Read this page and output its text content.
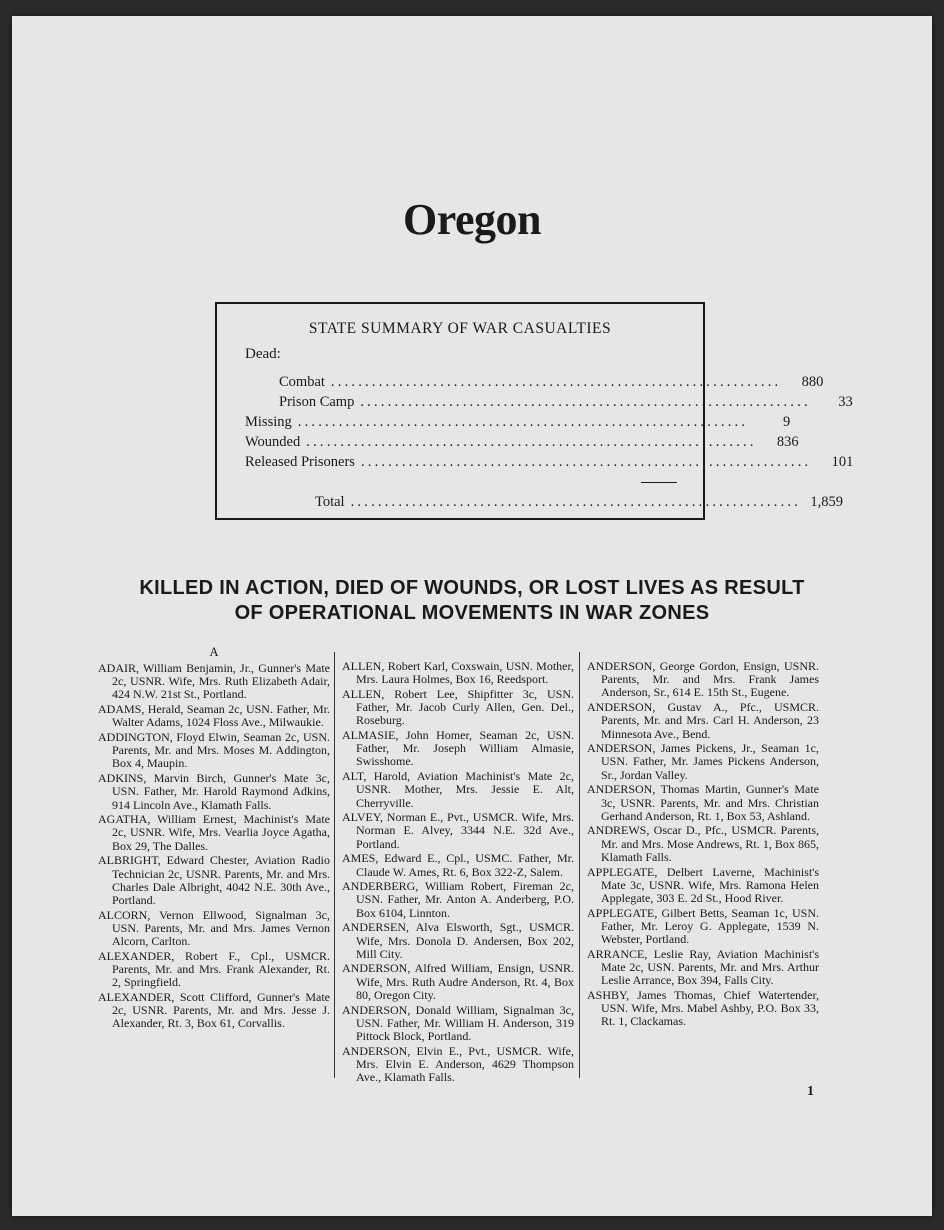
Oregon
STATE SUMMARY OF WAR CASUALTIES
Dead:
Combat ..................................................................	880
Prison Camp ..................................................................	33
Missing ..................................................................	9
Wounded ..................................................................	836
Released Prisoners ..................................................................	101
Total .................................................................. 1,859
KILLED IN ACTION, DIED OF WOUNDS, OR LOST LIVES AS RESULT
OF OPERATIONAL MOVEMENTS IN WAR ZONES
A

ADAIR, William Benjamin, Jr., Gunner's Mate 2c, USNR. Wife, Mrs. Ruth Elizabeth Adair, 424 N.W. 21st St., Portland.

ADAMS, Herald, Seaman 2c, USN. Father, Mr. Walter Adams, 1024 Floss Ave., Milwaukie.

ADDINGTON, Floyd Elwin, Seaman 2c, USN. Parents, Mr. and Mrs. Moses M. Addington, Box 4, Maupin.

ADKINS, Marvin Birch, Gunner's Mate 3c, USN. Father, Mr. Harold Raymond Adkins, 914 Lincoln Ave., Klamath Falls.

AGATHA, William Ernest, Machinist's Mate 2c, USNR. Wife, Mrs. Vearlia Joyce Agatha, Box 29, The Dalles.

ALBRIGHT, Edward Chester, Aviation Radio Technician 2c, USNR. Parents, Mr. and Mrs. Charles Dale Albright, 4042 N.E. 30th Ave., Portland.

ALCORN, Vernon Ellwood, Signalman 3c, USN. Parents, Mr. and Mrs. James Vernon Alcorn, Carlton.

ALEXANDER, Robert F., Cpl., USMCR. Parents, Mr. and Mrs. Frank Alexander, Rt. 2, Springfield.

ALEXANDER, Scott Clifford, Gunner's Mate 2c, USNR. Parents, Mr. and Mrs. Jesse J. Alexander, Rt. 3, Box 61, Corvallis.

ALLEN, Robert Karl, Coxswain, USN. Mother, Mrs. Laura Holmes, Box 16, Reedsport.

ALLEN, Robert Lee, Shipfitter 3c, USN. Father, Mr. Jacob Curly Allen, Gen. Del., Roseburg.

ALMASIE, John Homer, Seaman 2c, USN. Father, Mr. Joseph William Almasie, Swisshome.

ALT, Harold, Aviation Machinist's Mate 2c, USNR. Mother, Mrs. Jessie E. Alt, Cherryville.

ALVEY, Norman E., Pvt., USMCR. Wife, Mrs. Norman E. Alvey, 3344 N.E. 32d Ave., Portland.

AMES, Edward E., Cpl., USMC. Father, Mr. Claude W. Ames, Rt. 6, Box 322-Z, Salem.

ANDERBERG, William Robert, Fireman 2c, USN. Father, Mr. Anton A. Anderberg, P.O. Box 6104, Linnton.

ANDERSEN, Alva Elsworth, Sgt., USMCR. Wife, Mrs. Donola D. Andersen, Box 202, Mill City.

ANDERSON, Alfred William, Ensign, USNR. Wife, Mrs. Ruth Audre Anderson, Rt. 4, Box 80, Oregon City.

ANDERSON, Donald William, Signalman 3c, USN. Father, Mr. William H. Anderson, 319 Pittock Block, Portland.

ANDERSON, Elvin E., Pvt., USMCR. Wife, Mrs. Elvin E. Anderson, 4629 Thompson Ave., Klamath Falls.

ANDERSON, George Gordon, Ensign, USNR. Parents, Mr. and Mrs. Frank James Anderson, Sr., 614 E. 15th St., Eugene.

ANDERSON, Gustav A., Pfc., USMCR. Parents, Mr. and Mrs. Carl H. Anderson, 23 Minnesota Ave., Bend.

ANDERSON, James Pickens, Jr., Seaman 1c, USN. Father, Mr. James Pickens Anderson, Sr., Jordan Valley.

ANDERSON, Thomas Martin, Gunner's Mate 3c, USNR. Parents, Mr. and Mrs. Christian Gerhand Anderson, Rt. 1, Box 53, Ashland.

ANDREWS, Oscar D., Pfc., USMCR. Parents, Mr. and Mrs. Mose Andrews, Rt. 1, Box 865, Klamath Falls.

APPLEGATE, Delbert Laverne, Machinist's Mate 3c, USNR. Wife, Mrs. Ramona Helen Applegate, 303 E. 2d St., Hood River.

APPLEGATE, Gilbert Betts, Seaman 1c, USN. Father, Mr. Leroy G. Applegate, 1539 N. Webster, Portland.

ARRANCE, Leslie Ray, Aviation Machinist's Mate 2c, USN. Parents, Mr. and Mrs. Arthur Leslie Arrance, Box 394, Falls City.

ASHBY, James Thomas, Chief Watertender, USN. Wife, Mrs. Mabel Ashby, P.O. Box 33, Rt. 1, Clackamas.

1
